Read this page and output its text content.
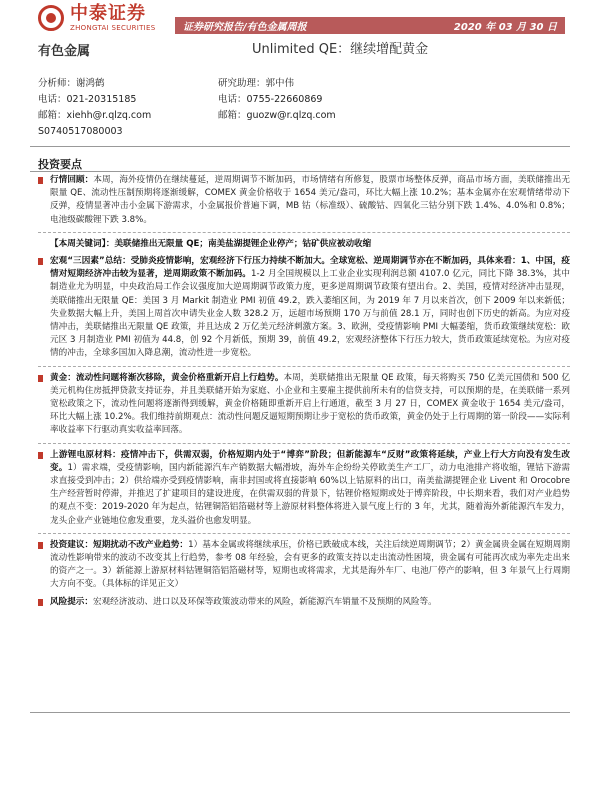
中泰证券
ZHONGTAI SECURITIES	证券研究报告/有色金属周报	2020 年 03 月 30 日
有色金属	Unlimited QE：继续增配黄金
分析师：谢鸿鹤
电话：021-20315185
邮箱：xiehh@r.qlzq.com
S0740517080003
研究助理：郭中伟
电话：0755-22660869
邮箱：guozw@r.qlzq.com
投资要点
行情回顾：本周，海外疫情仍在继续蔓延，逆周期调节不断加码，市场情绪有所修复，股票市场整体反弹，商品市场方面，美联储推出无限量 QE、流动性压制预期将逐渐缓解，COMEX 黄金价格收于 1654 美元/盎司，环比大幅上涨 10.2%；基本金属亦在宏观情绪带动下反弹，疫情显著冲击小金属下游需求，小金属报价普遍下调，MB 钴（标准级）、硫酸钴、四氧化三钴分别下跌 1.4%、4.0%和 0.8%；电池级碳酸锂下跌 3.8%。
【本周关键词】：美联储推出无限量 QE；南美盐湖提锂企业停产；钴矿供应被动收缩
宏观“三因素”总结：受肺炎疫情影响，宏观经济下行压力持续不断加大。全球宽松、逆周期调节亦在不断加码，具体来看：1、中国，疫情对短期经济冲击较为显著，逆周期政策不断加码。1-2 月全国规模以上工业企业实现利润总额 4107.0 亿元，同比下降 38.3%，其中制造业尤为明显，中央政治局工作会议强度加大逆周期调节政策力度，更多逆周期调节政策有望出台。2、美国，疫情对经济冲击显现，美联储推出无限量 QE：美国 3 月 Markit 制造业 PMI 初值 49.2，跌入萎缩区间，为 2019 年 7 月以来首次，创下 2009 年以来新低；失业数据大幅上升，美国上周首次申请失业金人数 328.2 万，远超市场预期 170 万与前值 28.1 万，同时也创下历史的新高。为应对疫情冲击，美联储推出无限量 QE 政策，并且达成 2 万亿美元经济刺激方案。3、欧洲，受疫情影响 PMI 大幅萎缩，货币政策继续宽松：欧元区 3 月制造业 PMI 初值为 44.8，创 92 个月新低，预期 39，前值 49.2，宏观经济整体下行压力较大，货币政策延续宽松。为应对疫情的冲击，全球多国加入降息潮，流动性进一步宽松。
黄金：流动性问题将渐次移除，黄金价格重新开启上行趋势。本周，美联储推出无限量 QE 政策，每天将购买 750 亿美元国债和 500 亿美元机构住房抵押贷款支持证券，并且美联储开始为家庭、小企业和主要雇主提供前所未有的信贷支持，可以预期的是，在美联储一系列宽松政策之下，流动性问题将逐渐得到缓解，黄金价格随即重新开启上行通道，截至 3 月 27 日，COMEX 黄金收于 1654 美元/盎司，环比大幅上涨 10.2%。我们维持前期观点：流动性问题反逼短期预期让步于宽松的货币政策，黄金仍处于上行周期的第一阶段——实际利率收益率下行驱动真实收益率回落。
上游锂电原材料：疫情冲击下，供需双弱，价格短期内处于“博弈”阶段；但新能源车“反财”政策将延续，产业上行大方向没有发生改变。1）需求端，受疫情影响，国内新能源汽车产销数据大幅滑坡，海外车企纷纷关停欧美生产工厂，动力电池排产将收缩，锂钴下游需求直接受到冲击；2）供给端亦受到疫情影响，南非封国或将直接影响 60%以上钴原料的出口，南美盐湖提锂企业 Livent 和 Orocobre 生产经营暂时停滞，并推迟了扩建项目的建设进度，在供需双弱的背景下，钴锂价格短期或处于博弈阶段，中长期来看，我们对产业趋势的观点不变：2019-2020 年为起点，钴锂铜箔铝箔磁材等上游原材料整体将进入景气度上行的 3 年，尤其，随着海外新能源汽车发力，龙头企业产业链地位愈发重要，龙头溢价也愈发明显。
投资建议：短期扰动不改产业趋势：1）基本金属或将继续承压，价格已跌破成本线，关注后续逆周期调节；2）黄金属贵金属在短期周期流动性影响带来的波动不改变其上行趋势，参考 08 年经验，会有更多的政策支持以走出流动性困境，贵金属有可能再次成为率先走出来的资产之一。3）新能源上游原材料钴锂铜箔铝箔磁材等，短期也或将需求，尤其是海外车厂、电池厂停产的影响，但 3 年景气上行周期大方向不变。（具体标的详见正文）
风险提示：宏观经济波动、进口以及环保等政策波动带来的风险，新能源汽车销量不及预期的风险等。
